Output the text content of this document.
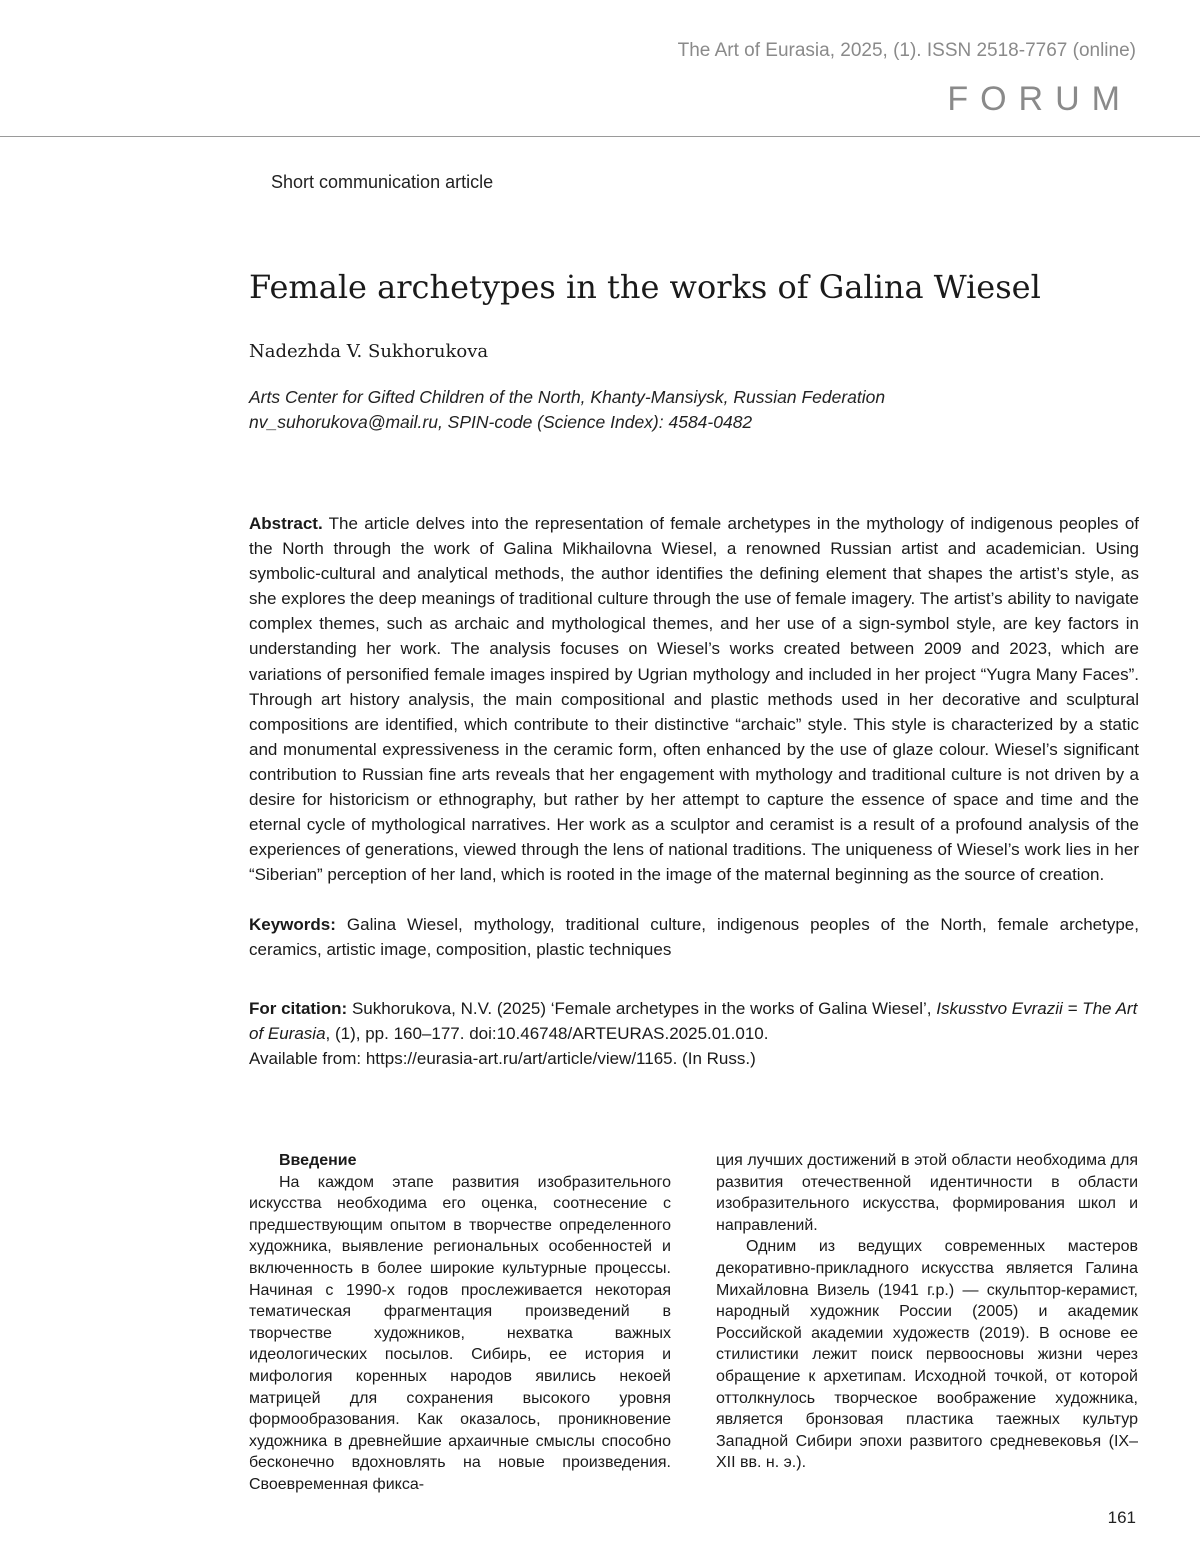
The Art of Eurasia, 2025, (1). ISSN 2518-7767 (online)
FORUM
Short communication article
Female archetypes in the works of Galina Wiesel
Nadezhda V. Sukhorukova
Arts Center for Gifted Children of the North, Khanty-Mansiysk, Russian Federation
nv_suhorukova@mail.ru, SPIN-code (Science Index): 4584-0482

Abstract. The article delves into the representation of female archetypes in the mythology of indigenous peoples of the North through the work of Galina Mikhailovna Wiesel, a renowned Russian artist and academician. Using symbolic-cultural and analytical methods, the author identifies the defining element that shapes the artist’s style, as she explores the deep meanings of traditional culture through the use of female imagery. The artist’s ability to navigate complex themes, such as archaic and mythological themes, and her use of a sign-symbol style, are key factors in understanding her work. The analysis focuses on Wiesel’s works created between 2009 and 2023, which are variations of personified female images inspired by Ugrian mythology and included in her project “Yugra Many Faces”. Through art history analysis, the main compositional and plastic methods used in her decorative and sculptural compositions are identified, which contribute to their distinctive “archaic” style. This style is characterized by a static and monumental expressiveness in the ceramic form, often enhanced by the use of glaze colour. Wiesel’s significant contribution to Russian fine arts reveals that her engagement with mythology and traditional culture is not driven by a desire for historicism or ethnography, but rather by her attempt to capture the essence of space and time and the eternal cycle of mythological narratives. Her work as a sculptor and ceramist is a result of a profound analysis of the experiences of generations, viewed through the lens of national traditions. The uniqueness of Wiesel’s work lies in her “Siberian” perception of her land, which is rooted in the image of the maternal beginning as the source of creation.

Keywords: Galina Wiesel, mythology, traditional culture, indigenous peoples of the North, female archetype, ceramics, artistic image, composition, plastic techniques

For citation: Sukhorukova, N.V. (2025) ‘Female archetypes in the works of Galina Wiesel’, Iskusstvo Evrazii = The Art of Eurasia, (1), pp. 160–177. doi:10.46748/ARTEURAS.2025.01.010.
Available from: https://eurasia-art.ru/art/article/view/1165. (In Russ.)

Введение

На каждом этапе развития изобразительного искусства необходима его оценка, соотнесение с предшествующим опытом в творчестве определенного художника, выявление региональных особенностей и включенность в более широкие культурные процессы. Начиная с 1990-х годов прослеживается некоторая тематическая фрагментация произведений в творчестве художников, нехватка важных идеологических посылов. Сибирь, ее история и мифология коренных народов явились некоей матрицей для сохранения высокого уровня формообразования. Как оказалось, проникновение художника в древнейшие архаичные смыслы способно бесконечно вдохновлять на новые произведения. Своевременная фикса-

ция лучших достижений в этой области необходима для развития отечественной идентичности в области изобразительного искусства, формирования школ и направлений.

Одним из ведущих современных мастеров декоративно-прикладного искусства является Галина Михайловна Визель (1941 г.р.) — скульптор-керамист, народный художник России (2005) и академик Российской академии художеств (2019). В основе ее стилистики лежит поиск первоосновы жизни через обращение к архетипам. Исходной точкой, от которой оттолкнулось творческое воображение художника, является бронзовая пластика таежных культур Западной Сибири эпохи развитого средневековья (IX–XII вв. н. э.).

161
